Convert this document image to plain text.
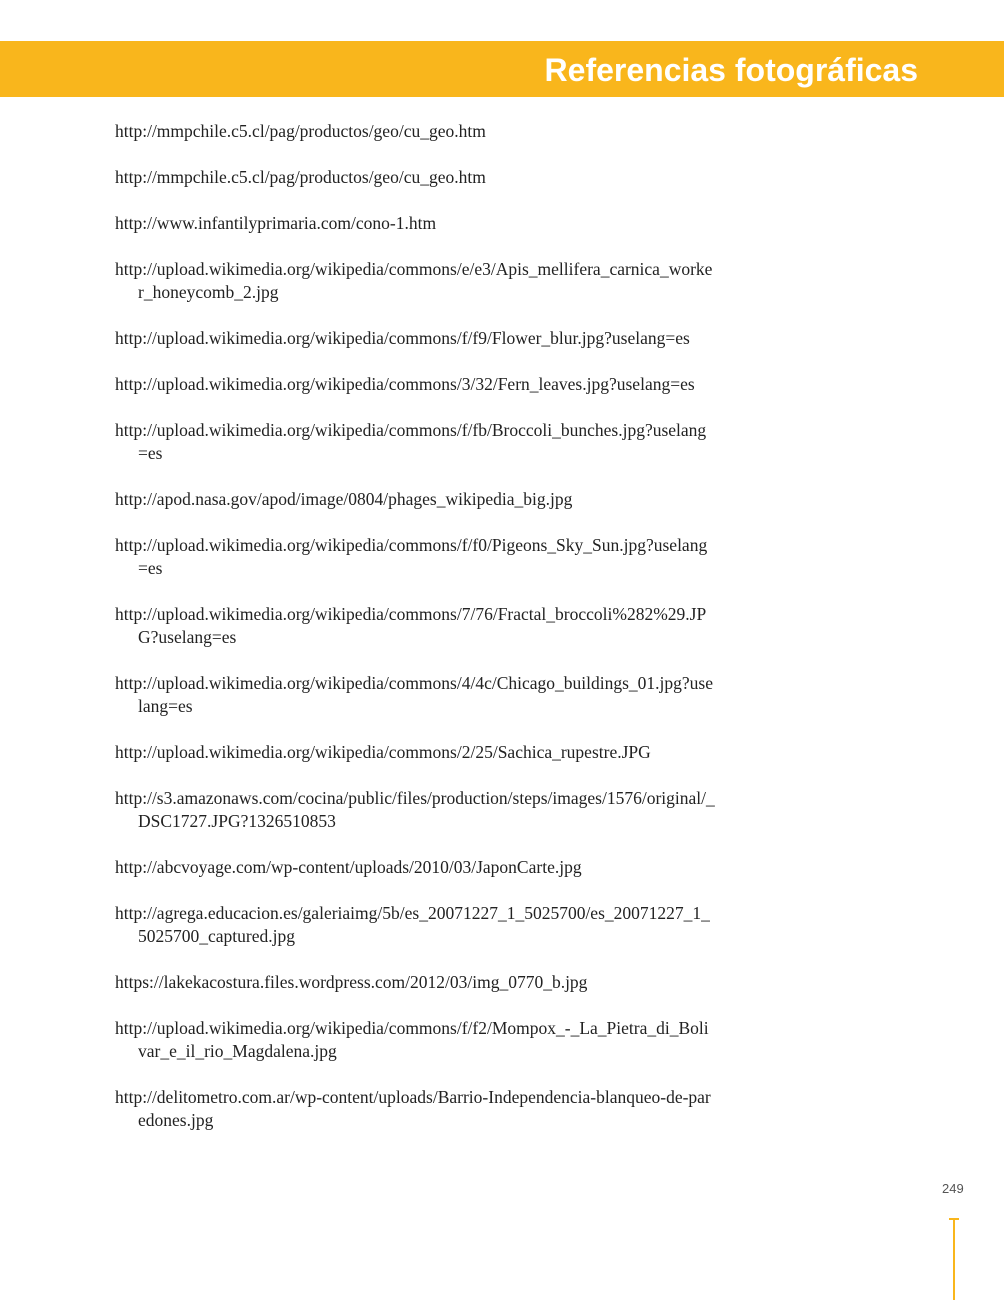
Referencias fotográficas
http://mmpchile.c5.cl/pag/productos/geo/cu_geo.htm
http://mmpchile.c5.cl/pag/productos/geo/cu_geo.htm
http://www.infantilyprimaria.com/cono-1.htm
http://upload.wikimedia.org/wikipedia/commons/e/e3/Apis_mellifera_carnica_worker_honeycomb_2.jpg
http://upload.wikimedia.org/wikipedia/commons/f/f9/Flower_blur.jpg?uselang=es
http://upload.wikimedia.org/wikipedia/commons/3/32/Fern_leaves.jpg?uselang=es
http://upload.wikimedia.org/wikipedia/commons/f/fb/Broccoli_bunches.jpg?uselang=es
http://apod.nasa.gov/apod/image/0804/phages_wikipedia_big.jpg
http://upload.wikimedia.org/wikipedia/commons/f/f0/Pigeons_Sky_Sun.jpg?uselang=es
http://upload.wikimedia.org/wikipedia/commons/7/76/Fractal_broccoli%282%29.JPG?uselang=es
http://upload.wikimedia.org/wikipedia/commons/4/4c/Chicago_buildings_01.jpg?uselang=es
http://upload.wikimedia.org/wikipedia/commons/2/25/Sachica_rupestre.JPG
http://s3.amazonaws.com/cocina/public/files/production/steps/images/1576/original/_DSC1727.JPG?1326510853
http://abcvoyage.com/wp-content/uploads/2010/03/JaponCarte.jpg
http://agrega.educacion.es/galeriaimg/5b/es_20071227_1_5025700/es_20071227_1_5025700_captured.jpg
https://lakekacostura.files.wordpress.com/2012/03/img_0770_b.jpg
http://upload.wikimedia.org/wikipedia/commons/f/f2/Mompox_-_La_Pietra_di_Bolivar_e_il_rio_Magdalena.jpg
http://delitometro.com.ar/wp-content/uploads/Barrio-Independencia-blanqueo-de-paredones.jpg
249
